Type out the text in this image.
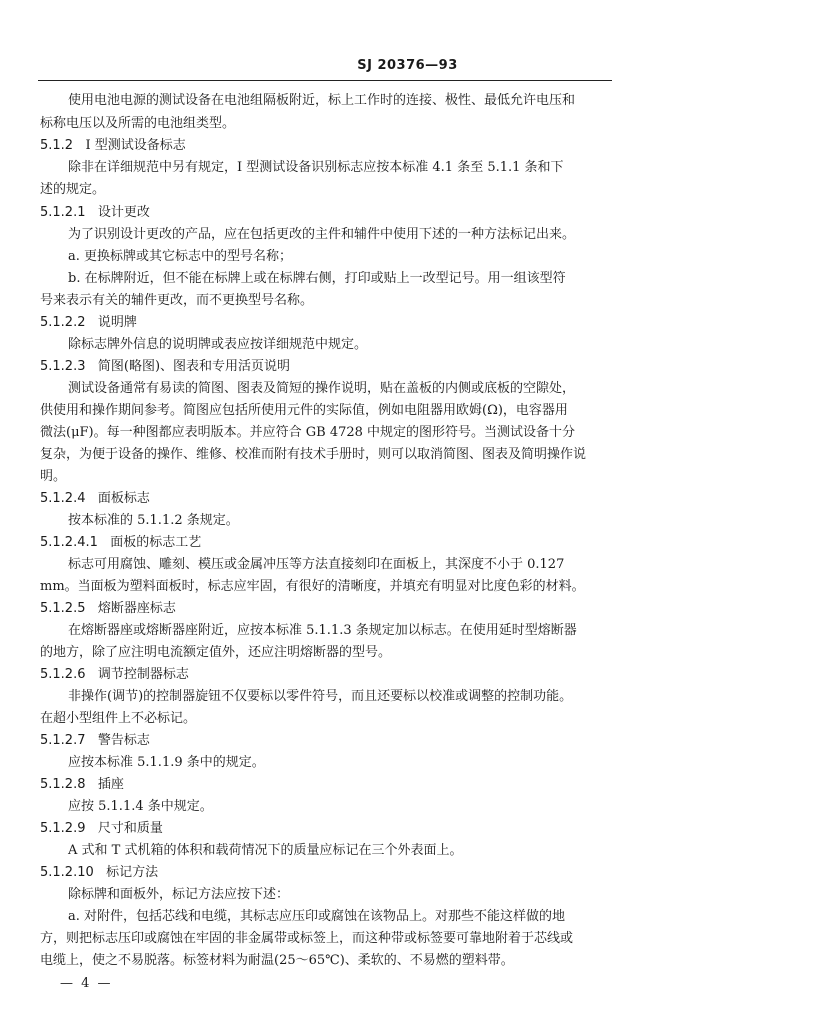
SJ 20376—93
使用电池电源的测试设备在电池组隔板附近，标上工作时的连接、极性、最低允许电压和
标称电压以及所需的电池组类型。
5.1.2 I 型测试设备标志
除非在详细规范中另有规定，I 型测试设备识别标志应按本标准 4.1 条至 5.1.1 条和下
述的规定。
5.1.2.1 设计更改
为了识别设计更改的产品，应在包括更改的主件和辅件中使用下述的一种方法标记出来。
a. 更换标牌或其它标志中的型号名称；
b. 在标牌附近，但不能在标牌上或在标牌右侧，打印或贴上一改型记号。用一组该型符
号来表示有关的辅件更改，而不更换型号名称。
5.1.2.2 说明牌
除标志牌外信息的说明牌或表应按详细规范中规定。
5.1.2.3 简图(略图)、图表和专用活页说明
测试设备通常有易读的简图、图表及简短的操作说明，贴在盖板的内侧或底板的空隙处，
供使用和操作期间参考。简图应包括所使用元件的实际值，例如电阻器用欧姆(Ω)，电容器用
微法(μF)。每一种图都应表明版本。并应符合 GB 4728 中规定的图形符号。当测试设备十分
复杂，为便于设备的操作、维修、校准而附有技术手册时，则可以取消简图、图表及简明操作说
明。
5.1.2.4 面板标志
按本标准的 5.1.1.2 条规定。
5.1.2.4.1 面板的标志工艺
标志可用腐蚀、雕刻、模压或金属冲压等方法直接刻印在面板上，其深度不小于 0.127
mm。当面板为塑料面板时，标志应牢固，有很好的清晰度，并填充有明显对比度色彩的材料。
5.1.2.5 熔断器座标志
在熔断器座或熔断器座附近，应按本标准 5.1.1.3 条规定加以标志。在使用延时型熔断器
的地方，除了应注明电流额定值外，还应注明熔断器的型号。
5.1.2.6 调节控制器标志
非操作(调节)的控制器旋钮不仅要标以零件符号，而且还要标以校准或调整的控制功能。
在超小型组件上不必标记。
5.1.2.7 警告标志
应按本标准 5.1.1.9 条中的规定。
5.1.2.8 插座
应按 5.1.1.4 条中规定。
5.1.2.9 尺寸和质量
A 式和 T 式机箱的体积和载荷情况下的质量应标记在三个外表面上。
5.1.2.10 标记方法
除标牌和面板外，标记方法应按下述：
a. 对附件，包括芯线和电缆，其标志应压印或腐蚀在该物品上。对那些不能这样做的地
方，则把标志压印或腐蚀在牢固的非金属带或标签上，而这种带或标签要可靠地附着于芯线或
电缆上，使之不易脱落。标签材料为耐温(25～65℃)、柔软的、不易燃的塑料带。
— 4 —
